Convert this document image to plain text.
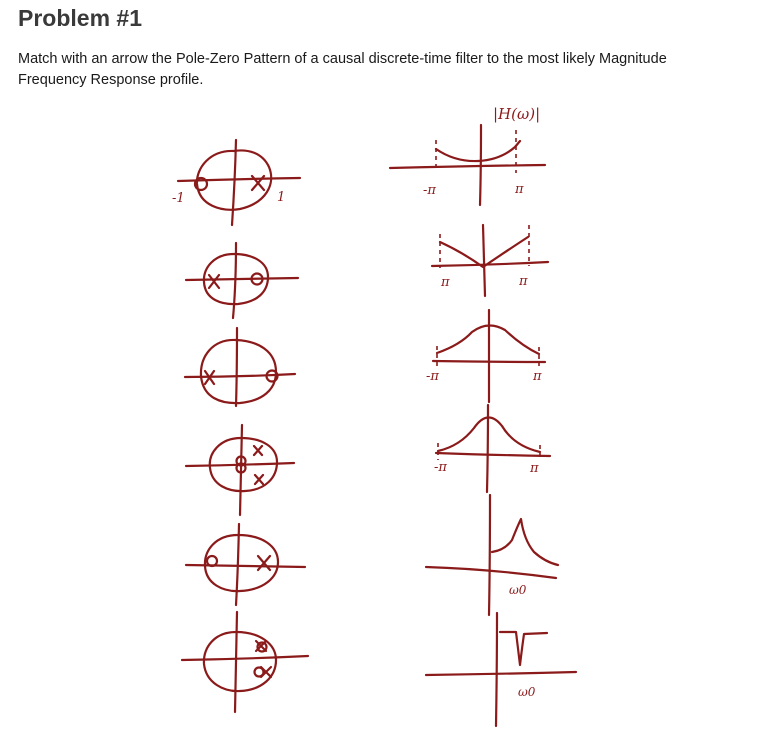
Problem #1
Match with an arrow the Pole-Zero Pattern of a causal discrete-time filter to the most likely Magnitude Frequency Response profile.
-1	1
|H(ω)|
-π	π
π	π
-π	π
-π	π
ω0
ω0
